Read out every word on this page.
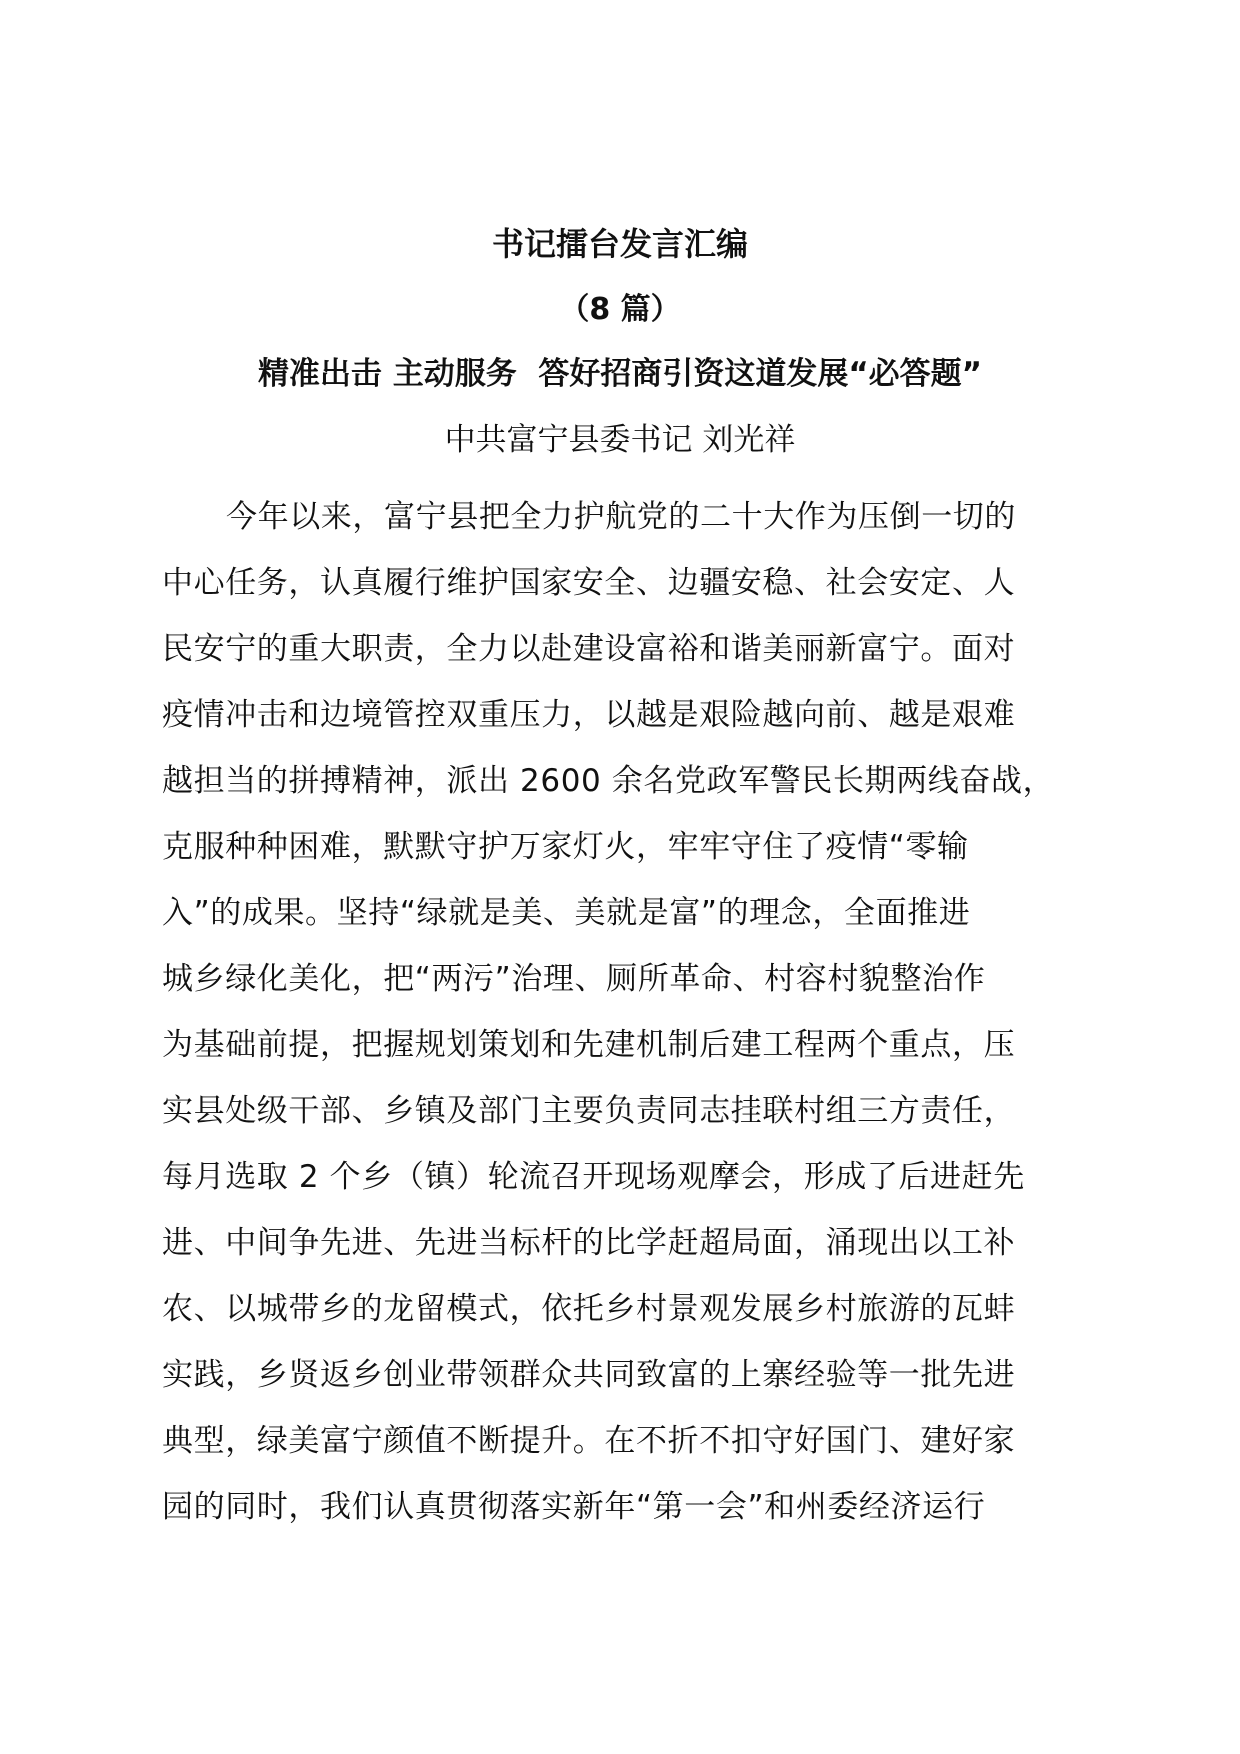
书记擂台发言汇编
（8 篇）
精准出击 主动服务  答好招商引资这道发展“必答题”
中共富宁县委书记 刘光祥
今年以来，富宁县把全力护航党的二十大作为压倒一切的
中心任务，认真履行维护国家安全、边疆安稳、社会安定、人
民安宁的重大职责，全力以赴建设富裕和谐美丽新富宁。面对
疫情冲击和边境管控双重压力，以越是艰险越向前、越是艰难
越担当的拼搏精神，派出 2600 余名党政军警民长期两线奋战，
克服种种困难，默默守护万家灯火，牢牢守住了疫情“零输
入”的成果。坚持“绿就是美、美就是富”的理念，全面推进
城乡绿化美化，把“两污”治理、厕所革命、村容村貌整治作
为基础前提，把握规划策划和先建机制后建工程两个重点，压
实县处级干部、乡镇及部门主要负责同志挂联村组三方责任，
每月选取 2 个乡（镇）轮流召开现场观摩会，形成了后进赶先
进、中间争先进、先进当标杆的比学赶超局面，涌现出以工补
农、以城带乡的龙留模式，依托乡村景观发展乡村旅游的瓦蚌
实践，乡贤返乡创业带领群众共同致富的上寨经验等一批先进
典型，绿美富宁颜值不断提升。在不折不扣守好国门、建好家
园的同时，我们认真贯彻落实新年“第一会”和州委经济运行
